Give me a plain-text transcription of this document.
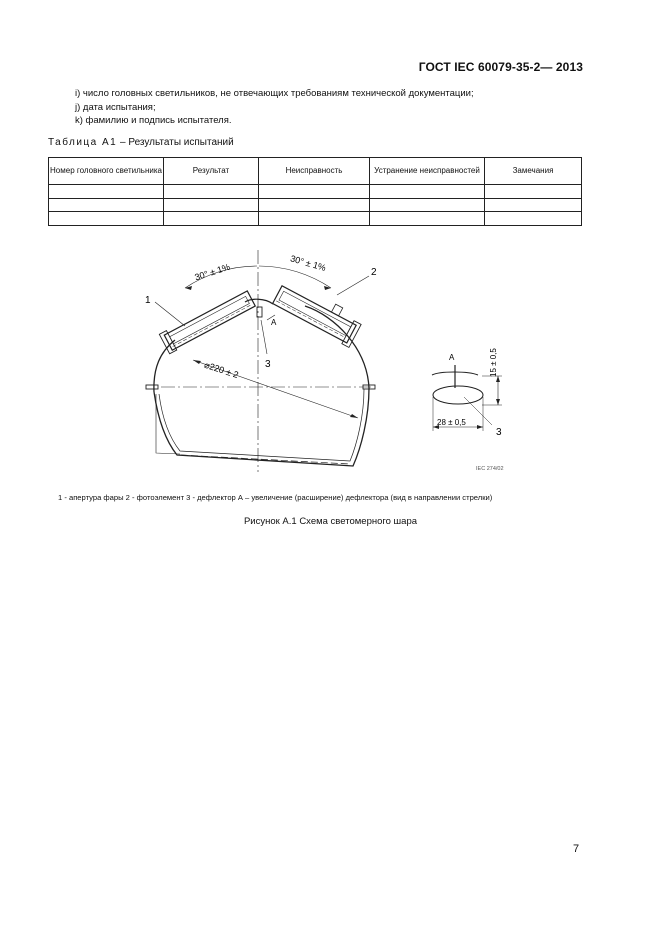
ГОСТ IEC 60079-35-2— 2013
i) число головных светильников, не отвечающих требованиям технической документации;
j) дата испытания;
k) фамилию и подпись испытателя.
Таблица А1 – Результаты испытаний
Номер головного светильника	Результат	Неисправность	Устранение неисправностей	Замечания

30° ± 1%	30° ± 1%
⌀220 ± 2
1
2
3
A
A	15 ± 0,5
28 ± 0,5
3
IEC 274/02
1 - апертура фары 2 - фотоэлемент 3 - дефлектор А – увеличение (расширение) дефлектора (вид в направлении стрелки)
Рисунок А.1 Схема светомерного шара
7
